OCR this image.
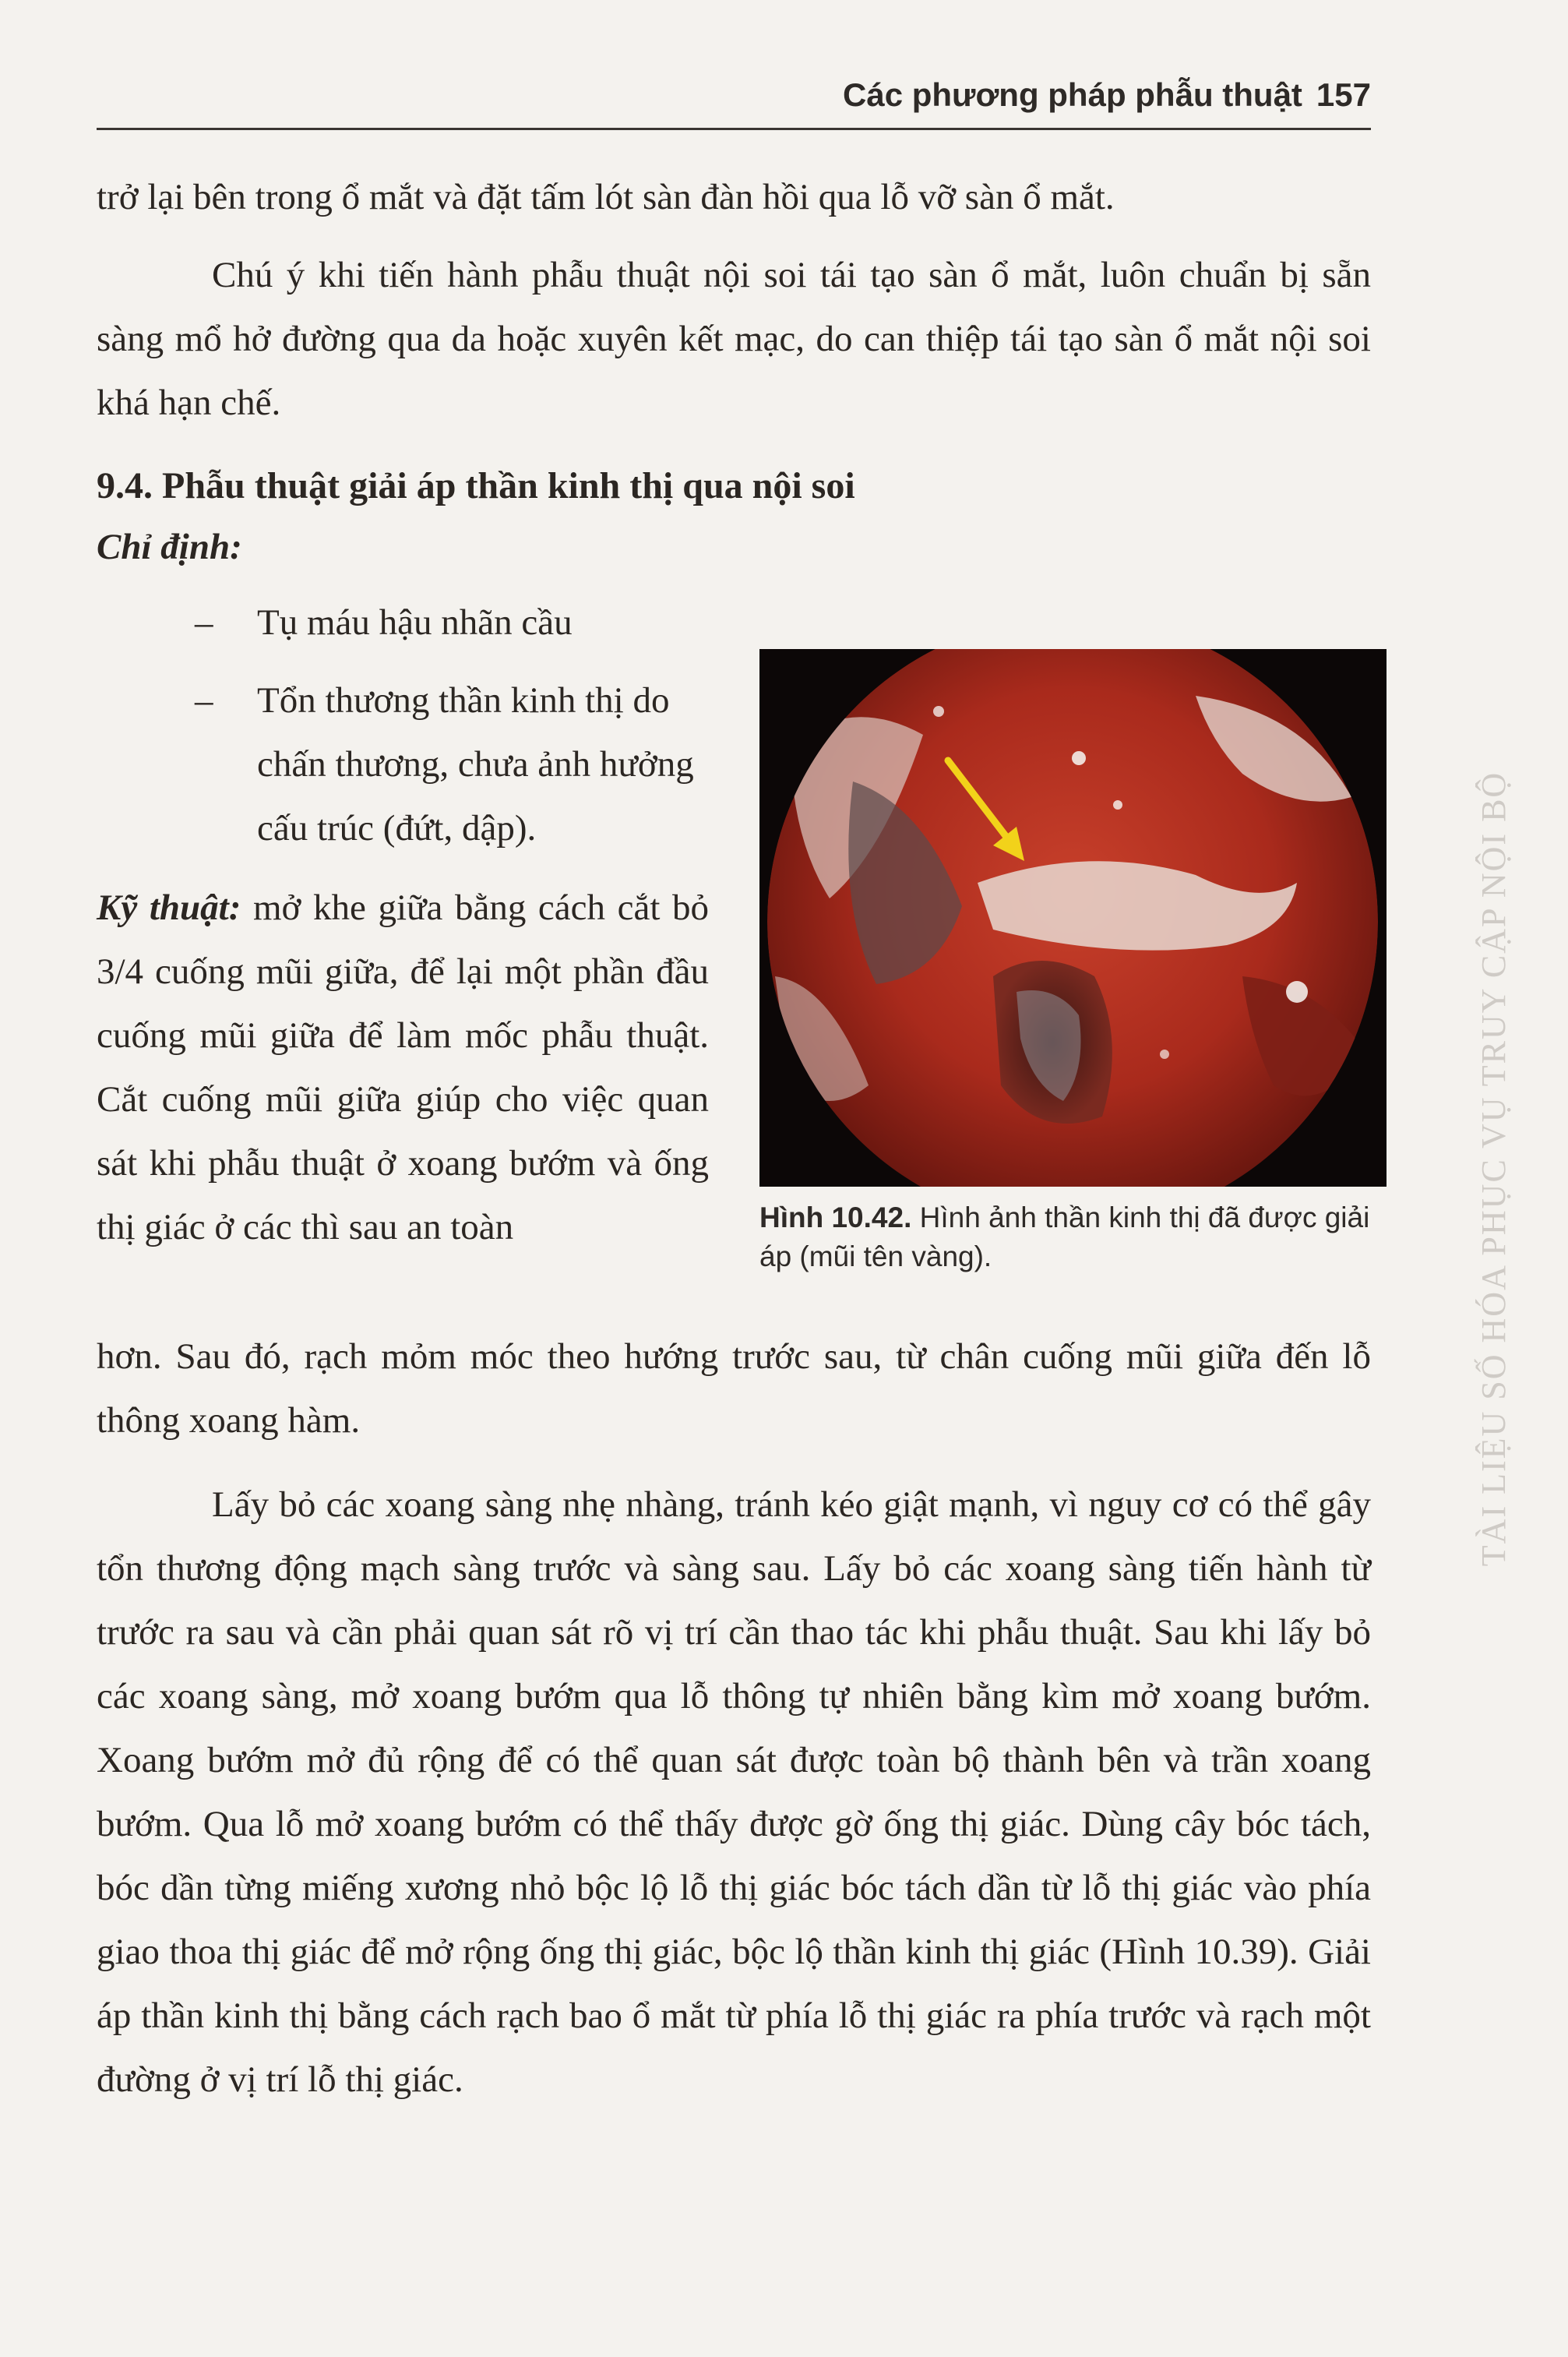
Các phương pháp phẫu thuật 157
trở lại bên trong ổ mắt và đặt tấm lót sàn đàn hồi qua lỗ vỡ sàn ổ mắt.
Chú ý khi tiến hành phẫu thuật nội soi tái tạo sàn ổ mắt, luôn chuẩn bị sẵn sàng mổ hở đường qua da hoặc xuyên kết mạc, do can thiệp tái tạo sàn ổ mắt nội soi khá hạn chế.
9.4. Phẫu thuật giải áp thần kinh thị qua nội soi
Chỉ định:
– Tụ máu hậu nhãn cầu
– Tổn thương thần kinh thị do chấn thương, chưa ảnh hưởng cấu trúc (đứt, dập).
Kỹ thuật: mở khe giữa bằng cách cắt bỏ 3/4 cuống mũi giữa, để lại một phần đầu cuống mũi giữa để làm mốc phẫu thuật. Cắt cuống mũi giữa giúp cho việc quan sát khi phẫu thuật ở xoang bướm và ống thị giác ở các thì sau an toàn	Hình 10.42. Hình ảnh thần kinh thị đã được giải áp (mũi tên vàng).
hơn. Sau đó, rạch mỏm móc theo hướng trước sau, từ chân cuống mũi giữa đến lỗ thông xoang hàm.
Lấy bỏ các xoang sàng nhẹ nhàng, tránh kéo giật mạnh, vì nguy cơ có thể gây tổn thương động mạch sàng trước và sàng sau. Lấy bỏ các xoang sàng tiến hành từ trước ra sau và cần phải quan sát rõ vị trí cần thao tác khi phẫu thuật. Sau khi lấy bỏ các xoang sàng, mở xoang bướm qua lỗ thông tự nhiên bằng kìm mở xoang bướm. Xoang bướm mở đủ rộng để có thể quan sát được toàn bộ thành bên và trần xoang bướm. Qua lỗ mở xoang bướm có thể thấy được gờ ống thị giác. Dùng cây bóc tách, bóc dần từng miếng xương nhỏ bộc lộ lỗ thị giác bóc tách dần từ lỗ thị giác vào phía giao thoa thị giác để mở rộng ống thị giác, bộc lộ thần kinh thị giác (Hình 10.39). Giải áp thần kinh thị bằng cách rạch bao ổ mắt từ phía lỗ thị giác ra phía trước và rạch một đường ở vị trí lỗ thị giác.
TÀI LIỆU SỐ HÓA PHỤC VỤ TRUY CẬP NỘI BỘ
